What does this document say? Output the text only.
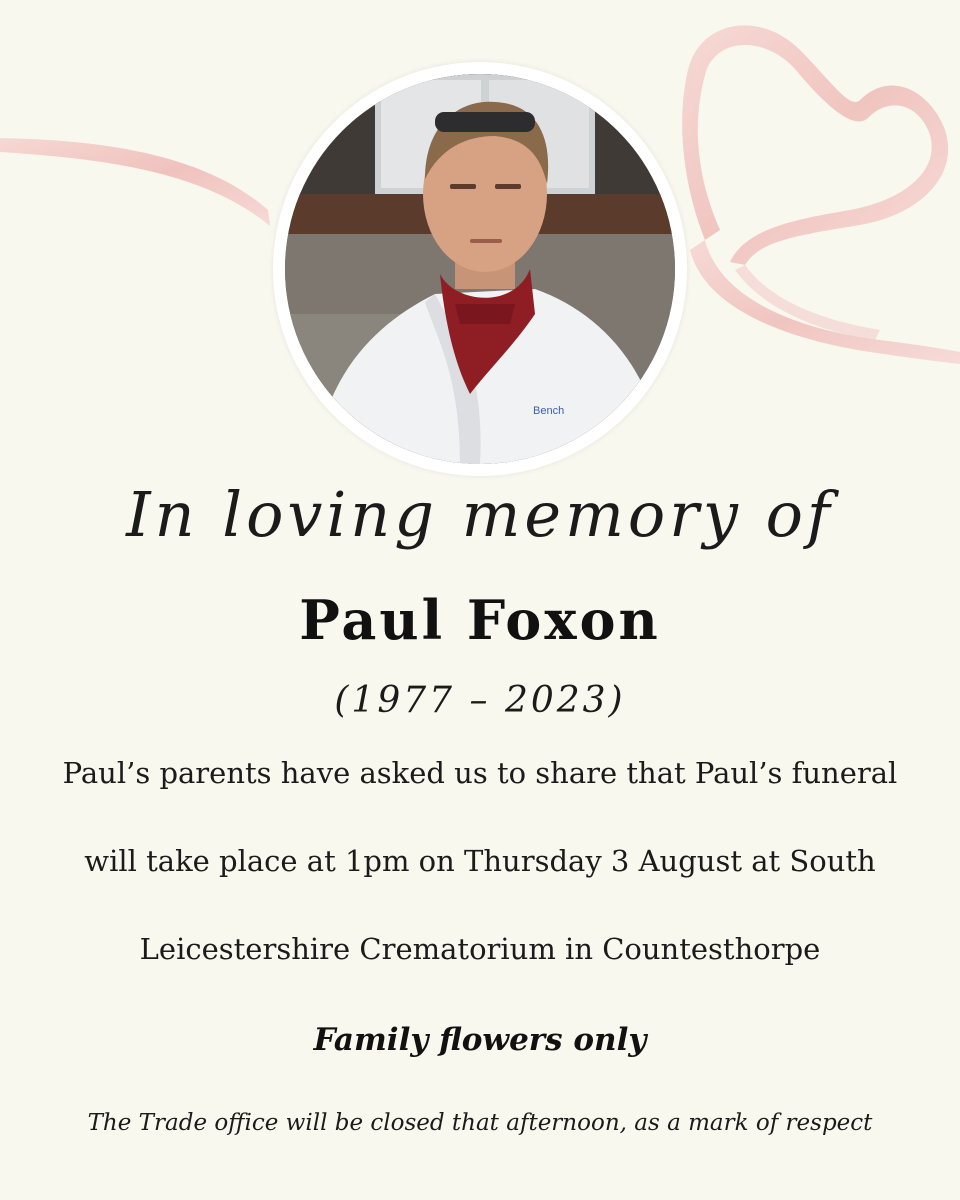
Bench
In loving memory of
Paul Foxon
(1977 – 2023)
Paul’s parents have asked us to share that Paul’s funeral
will take place at 1pm on Thursday 3 August at South
Leicestershire Crematorium in Countesthorpe
Family flowers only
The Trade office will be closed that afternoon, as a mark of respect
